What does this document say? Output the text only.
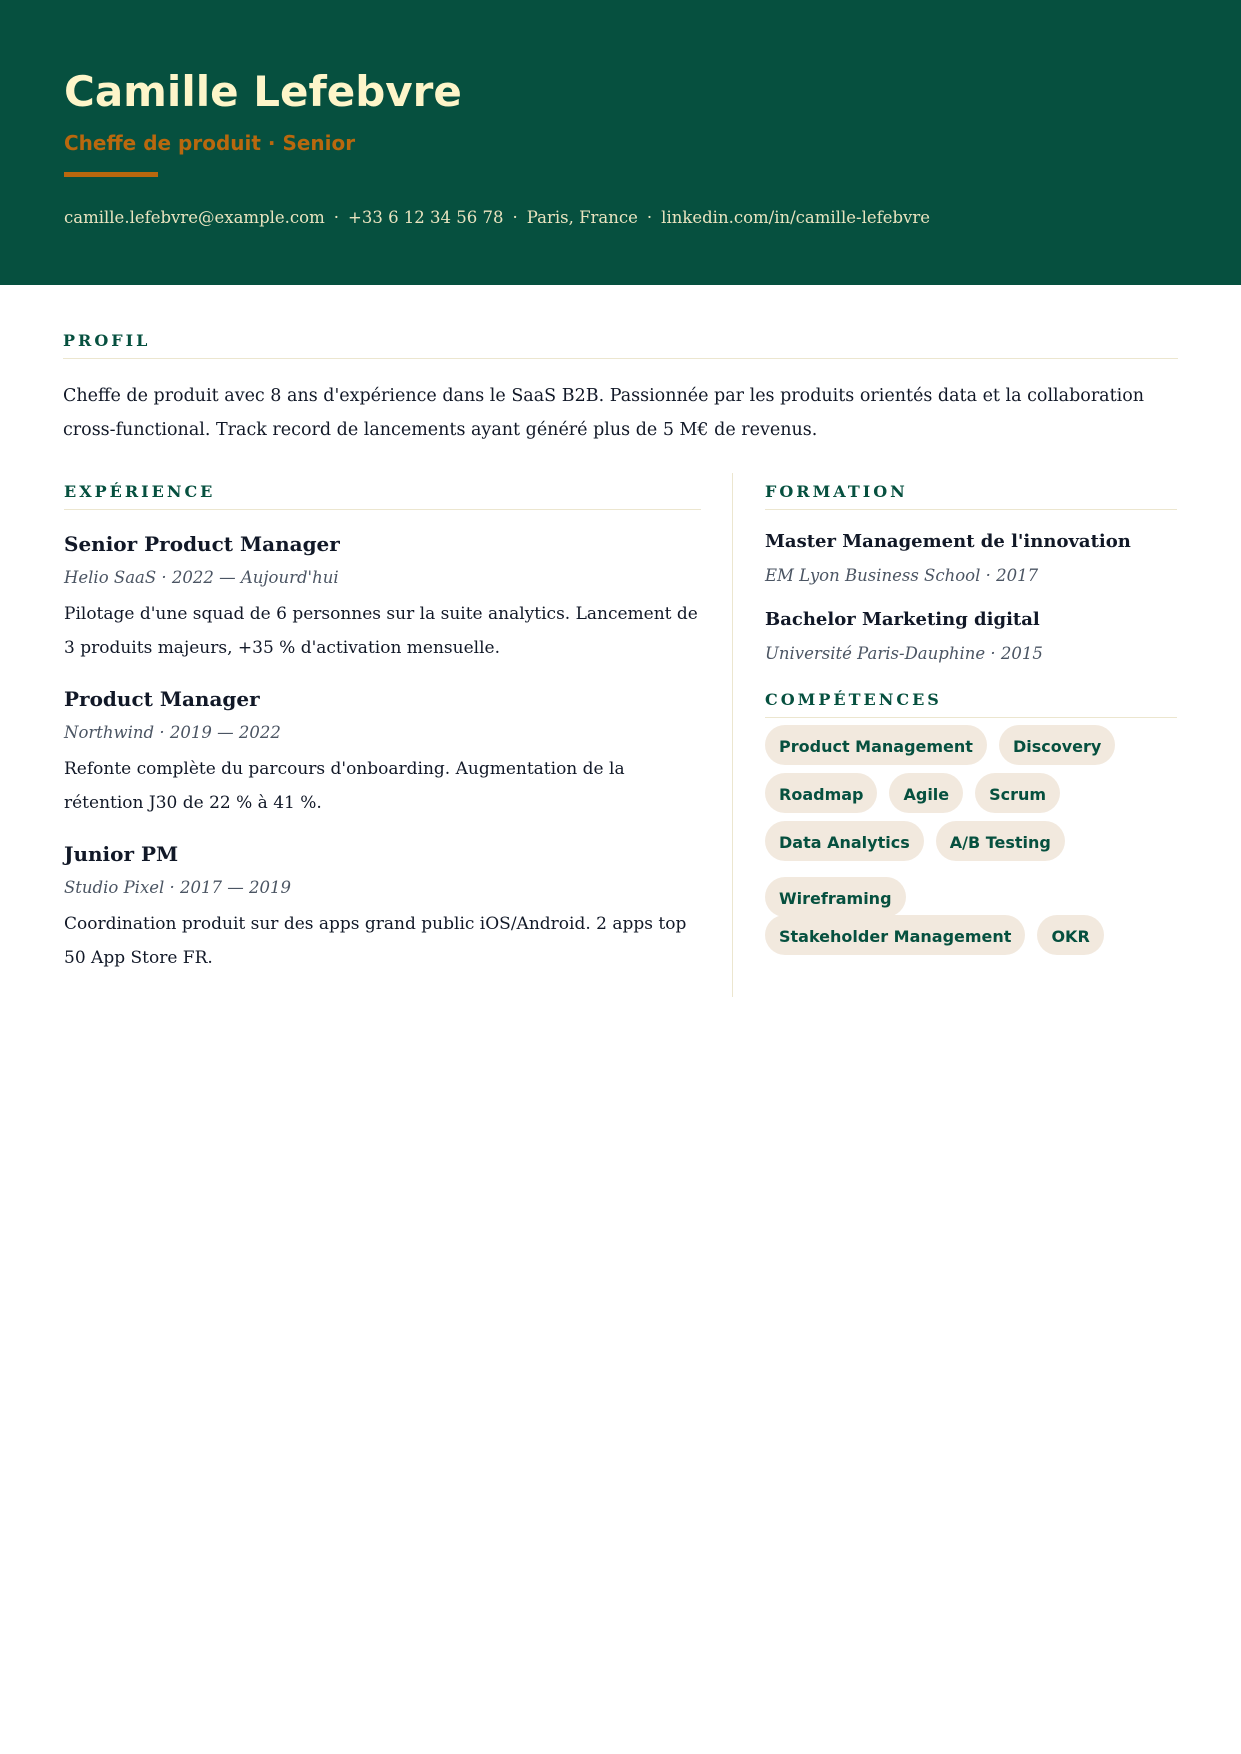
Camille Lefebvre
Cheffe de produit · Senior
camille.lefebvre@example.com · +33 6 12 34 56 78 · Paris, France · linkedin.com/in/camille-lefebvre
PROFIL
Cheffe de produit avec 8 ans d'expérience dans le SaaS B2B. Passionnée par les produits orientés data et la collaboration cross-functional. Track record de lancements ayant généré plus de 5 M€ de revenus.
EXPÉRIENCE
Senior Product Manager
Helio SaaS · 2022 — Aujourd'hui
Pilotage d'une squad de 6 personnes sur la suite analytics. Lancement de 3 produits majeurs, +35 % d'activation mensuelle.
Product Manager
Northwind · 2019 — 2022
Refonte complète du parcours d'onboarding. Augmentation de la rétention J30 de 22 % à 41 %.
Junior PM
Studio Pixel · 2017 — 2019
Coordination produit sur des apps grand public iOS/Android. 2 apps top 50 App Store FR.
FORMATION
Master Management de l'innovation
EM Lyon Business School · 2017
Bachelor Marketing digital
Université Paris-Dauphine · 2015
COMPÉTENCES
Product Management	Discovery
Roadmap	Agile	Scrum
Data Analytics	A/B Testing
Wireframing
Stakeholder Management	OKR
